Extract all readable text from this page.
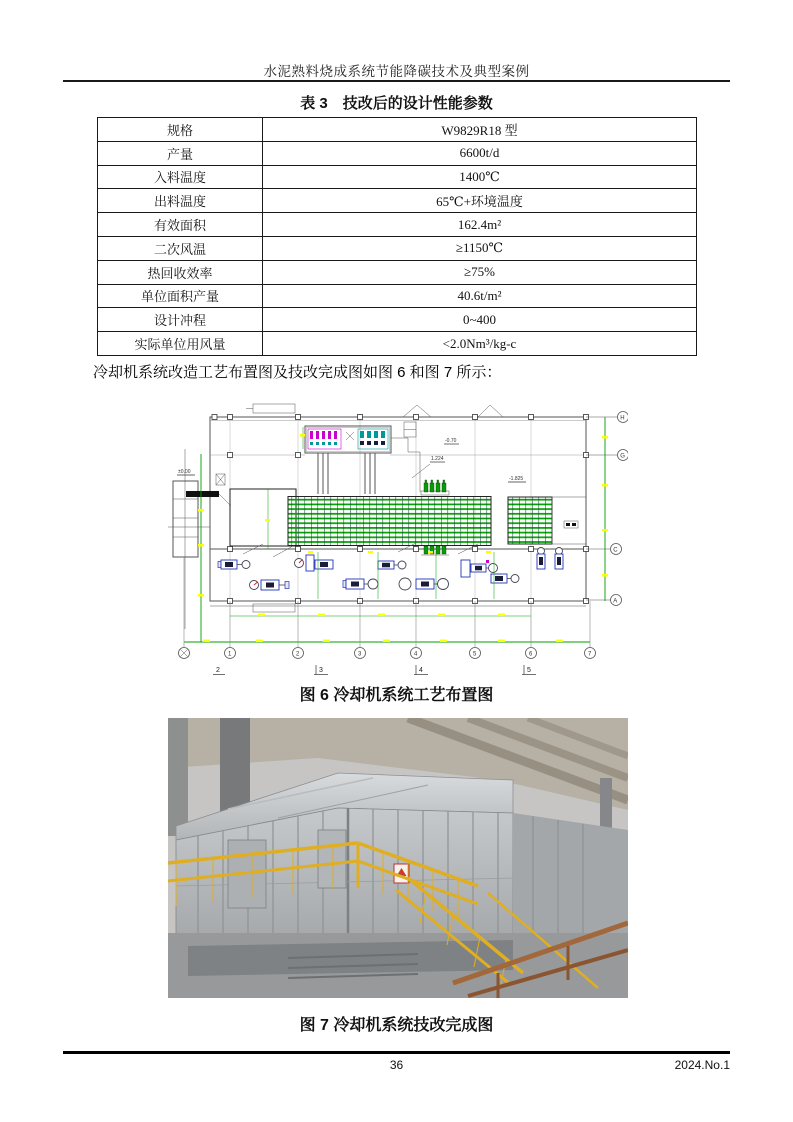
水泥熟料烧成系统节能降碳技术及典型案例
表 3　技改后的设计性能参数
规格	W9829R18 型
产量	6600t/d
入料温度	1400℃
出料温度	65℃+环境温度
有效面积	162.4m²
二次风温	≥1150℃
热回收效率	≥75%
单位面积产量	40.6t/m²
设计冲程	0~400
实际单位用风量	<2.0Nm³/kg-c
冷却机系统改造工艺布置图及技改完成图如图 6 和图 7 所示：
±0.00
-0.70
1.224
-1.825
H
G
C
A
1	2	3	4	5	6	7
2	3	4	5
图 6 冷却机系统工艺布置图
图 7 冷却机系统技改完成图
36	2024.No.1
